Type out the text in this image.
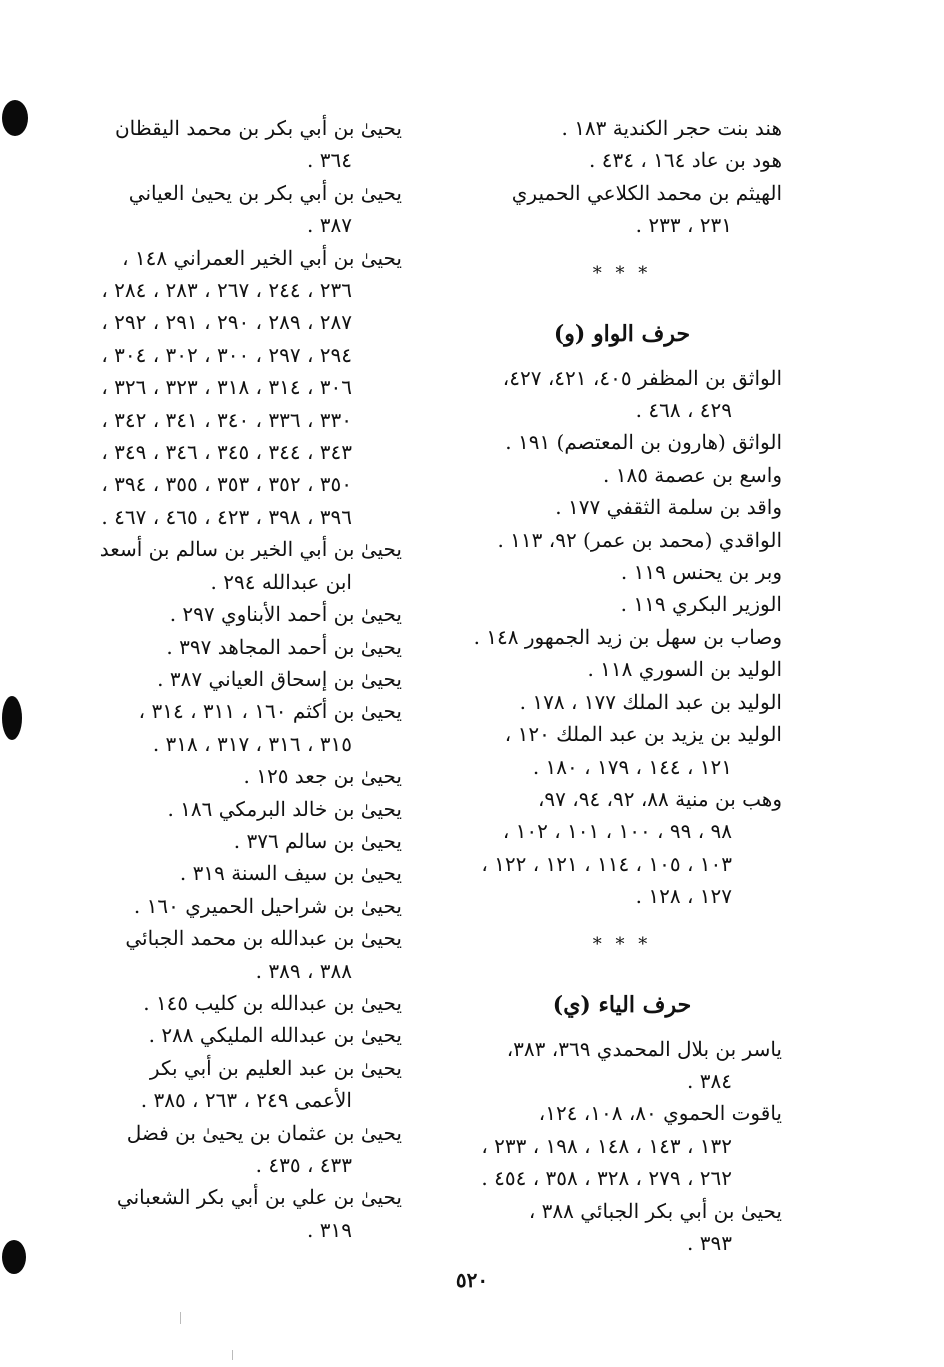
هند بنت حجر الكندية ١٨٣ .
هود بن عاد ١٦٤ ، ٤٣٤ .
الهيثم بن محمد الكلاعي الحميري
٢٣١ ، ٢٣٣ .
* * *
حرف الواو (و)
الواثق بن المظفر ٤٠٥، ٤٢١، ٤٢٧،
٤٢٩ ، ٤٦٨ .
الواثق (هارون بن المعتصم) ١٩١ .
واسع بن عصمة ١٨٥ .
واقد بن سلمة الثقفي ١٧٧ .
الواقدي (محمد بن عمر) ٩٢، ١١٣ .
وبر بن يحنس ١١٩ .
الوزير البكري ١١٩ .
وصاب بن سهل بن زيد الجمهور ١٤٨ .
الوليد بن السوري ١١٨ .
الوليد بن عبد الملك ١٧٧ ، ١٧٨ .
الوليد بن يزيد بن عبد الملك ١٢٠ ،
١٢١ ، ١٤٤ ، ١٧٩ ، ١٨٠ .
وهب بن منية ٨٨، ٩٢، ٩٤، ٩٧،
٩٨ ، ٩٩ ، ١٠٠ ، ١٠١ ، ١٠٢ ،
١٠٣ ، ١٠٥ ، ١١٤ ، ١٢١ ، ١٢٢ ،
١٢٧ ، ١٢٨ .
* * *
حرف الياء (ي)
ياسر بن بلال المحمدي ٣٦٩، ٣٨٣،
٣٨٤ .
ياقوت الحموي ٨٠، ١٠٨، ١٢٤،
١٣٢ ، ١٤٣ ، ١٤٨ ، ١٩٨ ، ٢٣٣ ،
٢٦٢ ، ٢٧٩ ، ٣٢٨ ، ٣٥٨ ، ٤٥٤ .
يحيىٰ بن أبي بكر الجبائي ٣٨٨ ،
٣٩٣ .
يحيىٰ بن أبي بكر بن محمد اليقظان
٣٦٤ .
يحيىٰ بن أبي بكر بن يحيىٰ العياني
٣٨٧ .
يحيىٰ بن أبي الخير العمراني ١٤٨ ،
٢٣٦ ، ٢٤٤ ، ٢٦٧ ، ٢٨٣ ، ٢٨٤ ،
٢٨٧ ، ٢٨٩ ، ٢٩٠ ، ٢٩١ ، ٢٩٢ ،
٢٩٤ ، ٢٩٧ ، ٣٠٠ ، ٣٠٢ ، ٣٠٤ ،
٣٠٦ ، ٣١٤ ، ٣١٨ ، ٣٢٣ ، ٣٢٦ ،
٣٣٠ ، ٣٣٦ ، ٣٤٠ ، ٣٤١ ، ٣٤٢ ،
٣٤٣ ، ٣٤٤ ، ٣٤٥ ، ٣٤٦ ، ٣٤٩ ،
٣٥٠ ، ٣٥٢ ، ٣٥٣ ، ٣٥٥ ، ٣٩٤ ،
٣٩٦ ، ٣٩٨ ، ٤٢٣ ، ٤٦٥ ، ٤٦٧ .
يحيىٰ بن أبي الخير بن سالم بن أسعد
ابن عبدالله ٢٩٤ .
يحيىٰ بن أحمد الأبناوي ٢٩٧ .
يحيىٰ بن أحمد المجاهد ٣٩٧ .
يحيىٰ بن إسحاق العياني ٣٨٧ .
يحيىٰ بن أكثم ١٦٠ ، ٣١١ ، ٣١٤ ،
٣١٥ ، ٣١٦ ، ٣١٧ ، ٣١٨ .
يحيىٰ بن جعد ١٢٥ .
يحيىٰ بن خالد البرمكي ١٨٦ .
يحيىٰ بن سالم ٣٧٦ .
يحيىٰ بن سيف السنة ٣١٩ .
يحيىٰ بن شراحيل الحميري ١٦٠ .
يحيىٰ بن عبدالله بن محمد الجبائي
٣٨٨ ، ٣٨٩ .
يحيىٰ بن عبدالله بن كليب ١٤٥ .
يحيىٰ بن عبدالله المليكي ٢٨٨ .
يحيىٰ بن عبد العليم بن أبي بكر
الأعمى ٢٤٩ ، ٢٦٣ ، ٣٨٥ .
يحيىٰ بن عثمان بن يحيىٰ بن فضل
٤٣٣ ، ٤٣٥ .
يحيىٰ بن علي بن أبي بكر الشعباني
٣١٩ .
٥٢٠
